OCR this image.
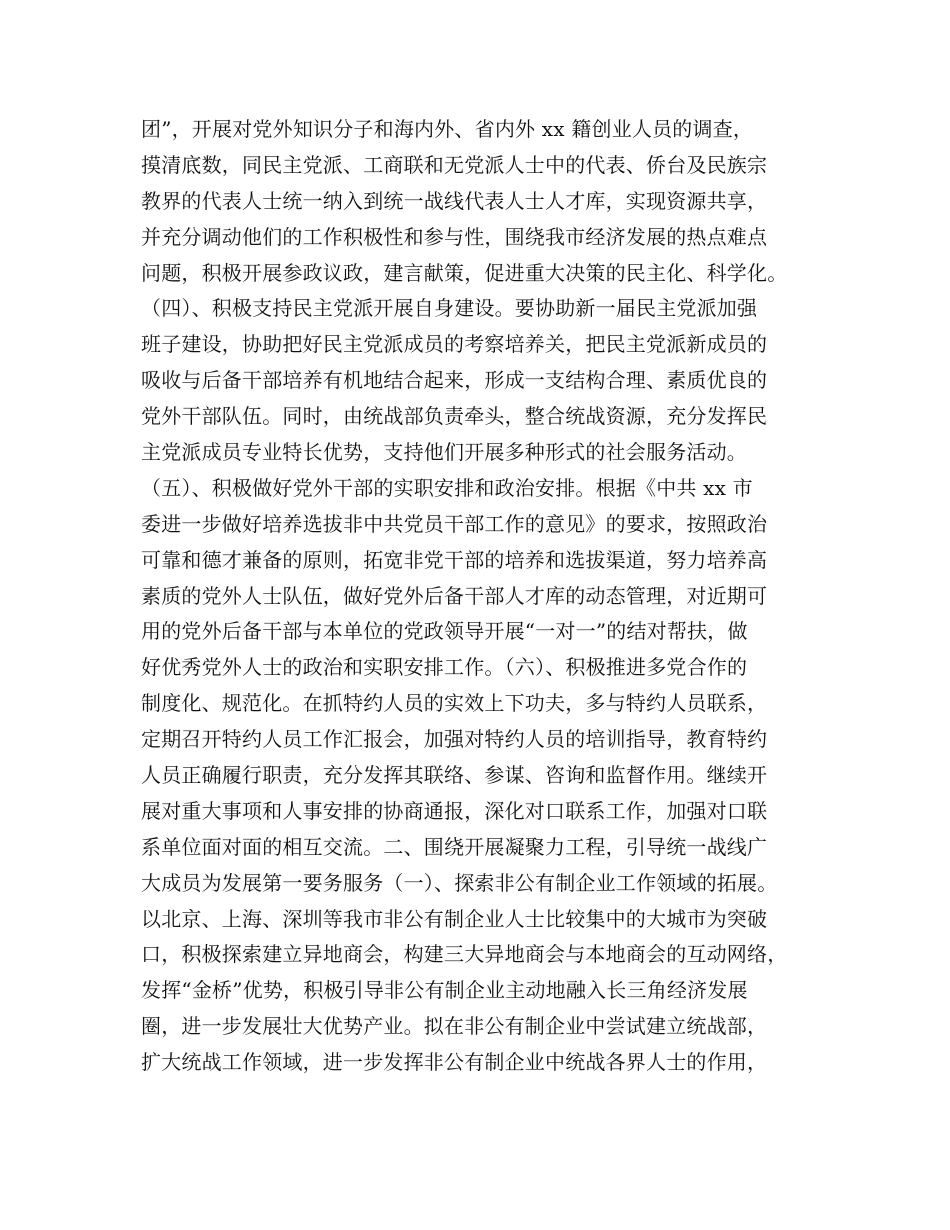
团”，开展对党外知识分子和海内外、省内外 xx 籍创业人员的调查，
摸清底数，同民主党派、工商联和无党派人士中的代表、侨台及民族宗
教界的代表人士统一纳入到统一战线代表人士人才库，实现资源共享，
并充分调动他们的工作积极性和参与性，围绕我市经济发展的热点难点
问题，积极开展参政议政，建言献策，促进重大决策的民主化、科学化。
（四）、积极支持民主党派开展自身建设。要协助新一届民主党派加强
班子建设，协助把好民主党派成员的考察培养关，把民主党派新成员的
吸收与后备干部培养有机地结合起来，形成一支结构合理、素质优良的
党外干部队伍。同时，由统战部负责牵头，整合统战资源，充分发挥民
主党派成员专业特长优势，支持他们开展多种形式的社会服务活动。
（五）、积极做好党外干部的实职安排和政治安排。根据《中共 xx 市
委进一步做好培养选拔非中共党员干部工作的意见》的要求，按照政治
可靠和德才兼备的原则，拓宽非党干部的培养和选拔渠道，努力培养高
素质的党外人士队伍，做好党外后备干部人才库的动态管理，对近期可
用的党外后备干部与本单位的党政领导开展“一对一”的结对帮扶，做
好优秀党外人士的政治和实职安排工作。（六）、积极推进多党合作的
制度化、规范化。在抓特约人员的实效上下功夫，多与特约人员联系，
定期召开特约人员工作汇报会，加强对特约人员的培训指导，教育特约
人员正确履行职责，充分发挥其联络、参谋、咨询和监督作用。继续开
展对重大事项和人事安排的协商通报，深化对口联系工作，加强对口联
系单位面对面的相互交流。二、围绕开展凝聚力工程，引导统一战线广
大成员为发展第一要务服务（一）、探索非公有制企业工作领域的拓展。
以北京、上海、深圳等我市非公有制企业人士比较集中的大城市为突破
口，积极探索建立异地商会，构建三大异地商会与本地商会的互动网络，
发挥“金桥”优势，积极引导非公有制企业主动地融入长三角经济发展
圈，进一步发展壮大优势产业。拟在非公有制企业中尝试建立统战部，
扩大统战工作领域，进一步发挥非公有制企业中统战各界人士的作用，
